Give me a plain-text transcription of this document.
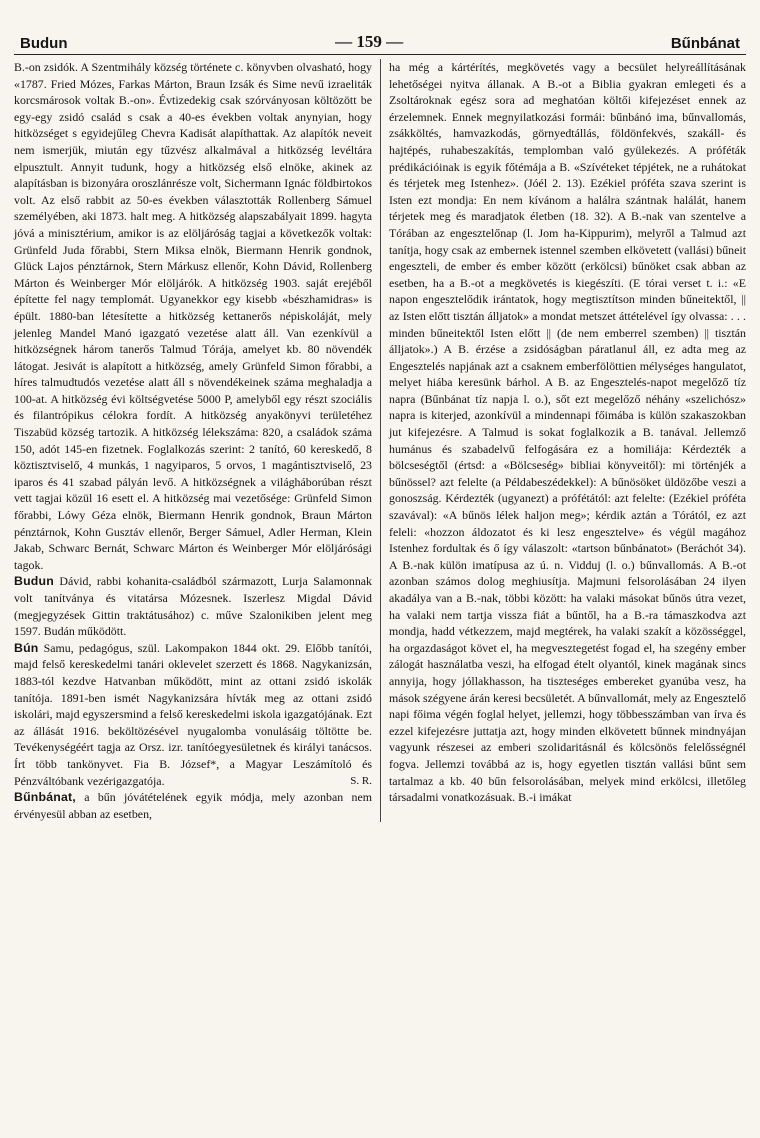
Budun	— 159 —	Bűnbánat

B.-on zsidók. A Szentmihály község története c. könyvben olvasható, hogy «1787. Fried Mózes, Farkas Márton, Braun Izsák és Sime nevű izraeliták korcsmárosok voltak B.-on». Évtizedekig csak szórványosan költözött be egy-egy zsidó család s csak a 40-es években voltak anynyian, hogy hitközséget s egyidejűleg Chevra Kadisát alapíthattak. Az alapítók neveit nem ismerjük, miután egy tűzvész alkalmával a hitközség levéltára elpusztult. Annyit tudunk, hogy a hitközség első elnöke, akinek az alapításban is bizonyára oroszlánrésze volt, Sichermann Ignác földbirtokos volt. Az első rabbit az 50-es években választották Rollenberg Sámuel személyében, aki 1873. halt meg. A hitközség alapszabályait 1899. hagyta jóvá a minisztérium, amikor is az elöljáróság tagjai a következők voltak: Grünfeld Juda főrabbi, Stern Miksa elnök, Biermann Henrik gondnok, Glück Lajos pénztárnok, Stern Márkusz ellenőr, Kohn Dávid, Rollenberg Márton és Weinberger Mór elöljárók. A hitközség 1903. saját erejéből építette fel nagy templomát. Ugyanekkor egy kisebb «bészhamidras» is épült. 1880-ban létesítette a hitközség kettanerős népiskoláját, mely jelenleg Mandel Manó igazgató vezetése alatt áll. Van ezenkívül a hitközségnek három tanerős Talmud Tórája, amelyet kb. 80 növendék látogat. Jesivát is alapított a hitközség, amely Grünfeld Simon főrabbi, a híres talmudtudós vezetése alatt áll s növendékeinek száma meghaladja a 100-at. A hitközség évi költségvetése 5000 P, amelyből egy részt szociális és filantrópikus célokra fordít. A hitközség anyakönyvi területéhez Tiszabüd község tartozik. A hitközség lélekszáma: 820, a családok száma 150, adót 145-en fizetnek. Foglalkozás szerint: 2 tanító, 60 kereskedő, 8 köztisztviselő, 4 munkás, 1 nagyiparos, 5 orvos, 1 magántisztviselő, 23 iparos és 41 szabad pályán levő. A hitközségnek a világháborúban részt vett tagjai közül 16 esett el. A hitközség mai vezetősége: Grünfeld Simon főrabbi, Lówy Géza elnök, Biermann Henrik gondnok, Braun Márton pénztárnok, Kohn Gusztáv ellenőr, Berger Sámuel, Adler Herman, Klein Jakab, Schwarc Bernát, Schwarc Márton és Weinberger Mór elöljárósági tagok.

Budun Dávid, rabbi kohanita-családból származott, Lurja Salamonnak volt tanítványa és vitatársa Mózesnek. Iszerlesz Migdal Dávid (megjegyzések Gittin traktátusához) c. műve Szalonikiben jelent meg 1597. Budán működött.

Bún Samu, pedagógus, szül. Lakompakon 1844 okt. 29. Előbb tanítói, majd felső kereskedelmi tanári oklevelet szerzett és 1868. Nagykanizsán, 1883-tól kezdve Hatvanban működött, mint az ottani zsidó iskolák tanítója. 1891-ben ismét Nagykanizsára hívták meg az ottani zsidó iskolári, majd egyszersmind a felső kereskedelmi iskola igazgatójának. Ezt az állását 1916. beköltözésével nyugalomba vonulásáig töltötte be. Tevékenységéért tagja az Orsz. izr. tanítóegyesületnek és királyi tanácsos. Írt több tankönyvet. Fia B. József*, a Magyar Leszámítoló és Pénzváltóbank vezérigazgatója.	S. R.

Bűnbánat, a bűn jóvátételének egyik módja, mely azonban nem érvényesül abban az esetben,

ha még a kártérítés, megkövetés vagy a becsület helyreállításának lehetőségei nyitva állanak. A B.-ot a Biblia gyakran emlegeti és a Zsoltároknak egész sora ad meghatóan költői kifejezéset ennek az érzelemnek. Ennek megnyilatkozási formái: bűnbánó ima, bűnvallomás, zsákköltés, hamvazkodás, görnyedtállás, földönfekvés, szakáll- és hajtépés, ruhabeszakítás, templomban való gyülekezés. A próféták prédikációinak is egyik főtémája a B. «Szívéteket tépjétek, ne a ruhátokat és térjetek meg Istenhez». (Jóél 2. 13). Ezékiel próféta szava szerint is Isten ezt mondja: En nem kívánom a halálra szántnak halálát, hanem térjetek meg és maradjatok életben (18. 32). A B.-nak van szentelve a Tórában az engesztelőnap (l. Jom ha-Kippurim), melyről a Talmud azt tanítja, hogy csak az embernek istennel szemben elkövetett (vallási) bűneit engeszteli, de ember és ember között (erkölcsi) bűnöket csak abban az esetben, ha a B.-ot a megkövetés is kiegészíti. (E tórai verset t. i.: «E napon engesztelődik irántatok, hogy megtisztítson minden bűneitektől, || az Isten előtt tisztán álljatok» a mondat metszet áttételével így olvassa: . . . minden bűneitektől Isten előtt || (de nem emberrel szemben) || tisztán álljatok».) A B. érzése a zsidóságban páratlanul áll, ez adta meg az Engesztelés napjának azt a csaknem emberfölöttien mélységes hangulatot, melyet hiába keresünk bárhol. A B. az Engesztelés-napot megelőző tíz napra (Bűnbánat tíz napja l. o.), sőt ezt megelőző néhány «szelichósz» napra is kiterjed, azonkívül a mindennapi főimába is külön szakaszokban jut kifejezésre. A Talmud is sokat foglalkozik a B. tanával. Jellemző humánus és szabadelvű felfogására ez a homiliája: Kérdezték a bölcseségtől (értsd: a «Bölcseség» bibliai könyveitől): mi történjék a bűnössel? azt felelte (a Példabeszédekkel): A bűnösöket üldözőbe veszi a gonoszság. Kérdezték (ugyanezt) a prófétától: azt felelte: (Ezékiel próféta szavával): «A bűnös lélek haljon meg»; kérdik aztán a Tórától, ez azt feleli: «hozzon áldozatot és ki lesz engesztelve» és végül magához Istenhez fordultak és ő így válaszolt: «tartson bűnbánatot» (Beráchót 34). A B.-nak külön imatípusa az ú. n. Vidduj (l. o.) bűnvallomás. A B.-ot azonban számos dolog meghiusítja. Majmuni felsorolásában 24 ilyen akadálya van a B.-nak, többi között: ha valaki másokat bűnös útra vezet, ha valaki nem tartja vissza fiát a bűntől, ha a B.-ra támaszkodva azt mondja, hadd vétkezzem, majd megtérek, ha valaki szakít a közösséggel, ha orgazdaságot követ el, ha megvesztegetést fogad el, ha szegény ember zálogát használatba veszi, ha elfogad ételt olyantól, kinek magának sincs annyija, hogy jóllakhasson, ha tiszteséges embereket gyanúba vesz, ha mások szégyene árán keresi becsületét. A bűnvallomát, mely az Engesztelő napi főima végén foglal helyet, jellemzi, hogy többesszámban van írva és ezzel kifejezésre juttatja azt, hogy minden elkövetett bűnnek mindnyájan vagyunk részesei az emberi szolidaritásnál és kölcsönös felelősségnél fogva. Jellemzi továbbá az is, hogy egyetlen tisztán vallási bűnt sem tartalmaz a kb. 40 bűn felsorolásában, melyek mind erkölcsi, illetőleg társadalmi vonatkozásuak. B.-i imákat
